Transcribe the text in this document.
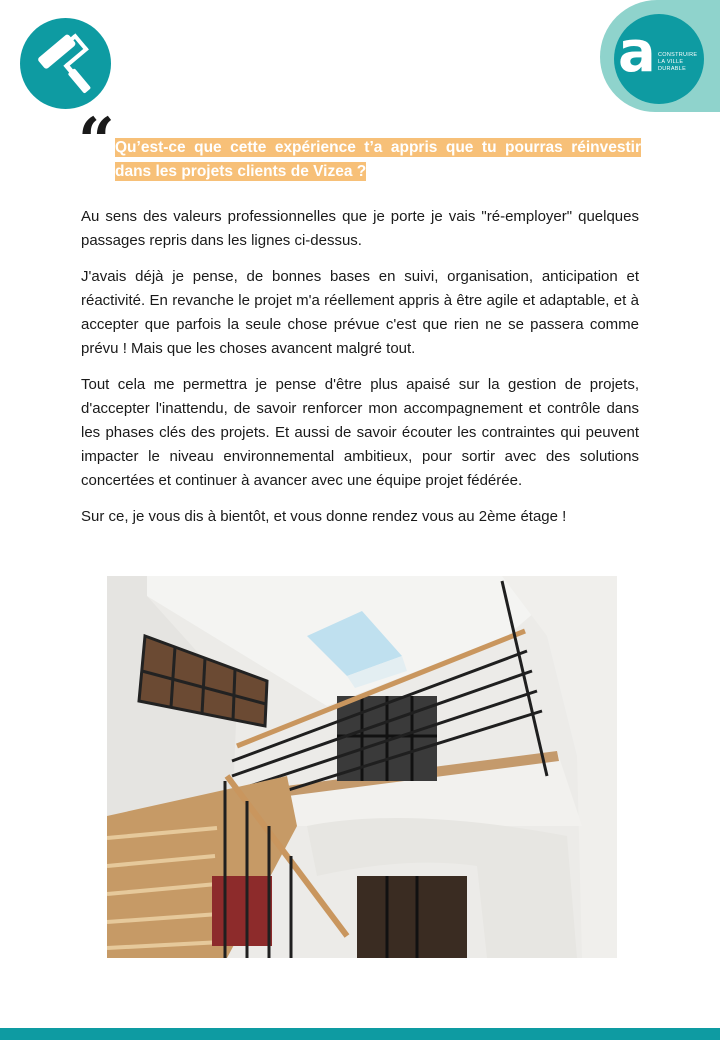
a CONSTRUIRE
LA VILLE
DURABLE
“ Qu’est-ce que cette expérience t’a appris que tu pourras réinvestir dans les projets clients de Vizea ?

Au sens des valeurs professionnelles que je porte je vais "ré-employer" quelques passages repris dans les lignes ci-dessus.

J'avais déjà je pense, de bonnes bases en suivi, organisation, anticipation et réactivité. En revanche le projet m'a réellement appris à être agile et adaptable, et à accepter que parfois la seule chose prévue c'est que rien ne se passera comme prévu ! Mais que les choses avancent malgré tout.

Tout cela me permettra je pense d'être plus apaisé sur la gestion de projets, d'accepter l'inattendu, de savoir renforcer mon accompagnement et contrôle dans les phases clés des projets. Et aussi de savoir écouter les contraintes qui peuvent impacter le niveau environnemental ambitieux, pour sortir avec des solutions concertées et continuer à avancer avec une équipe projet fédérée.

Sur ce, je vous dis à bientôt, et vous donne rendez vous au 2ème étage !
